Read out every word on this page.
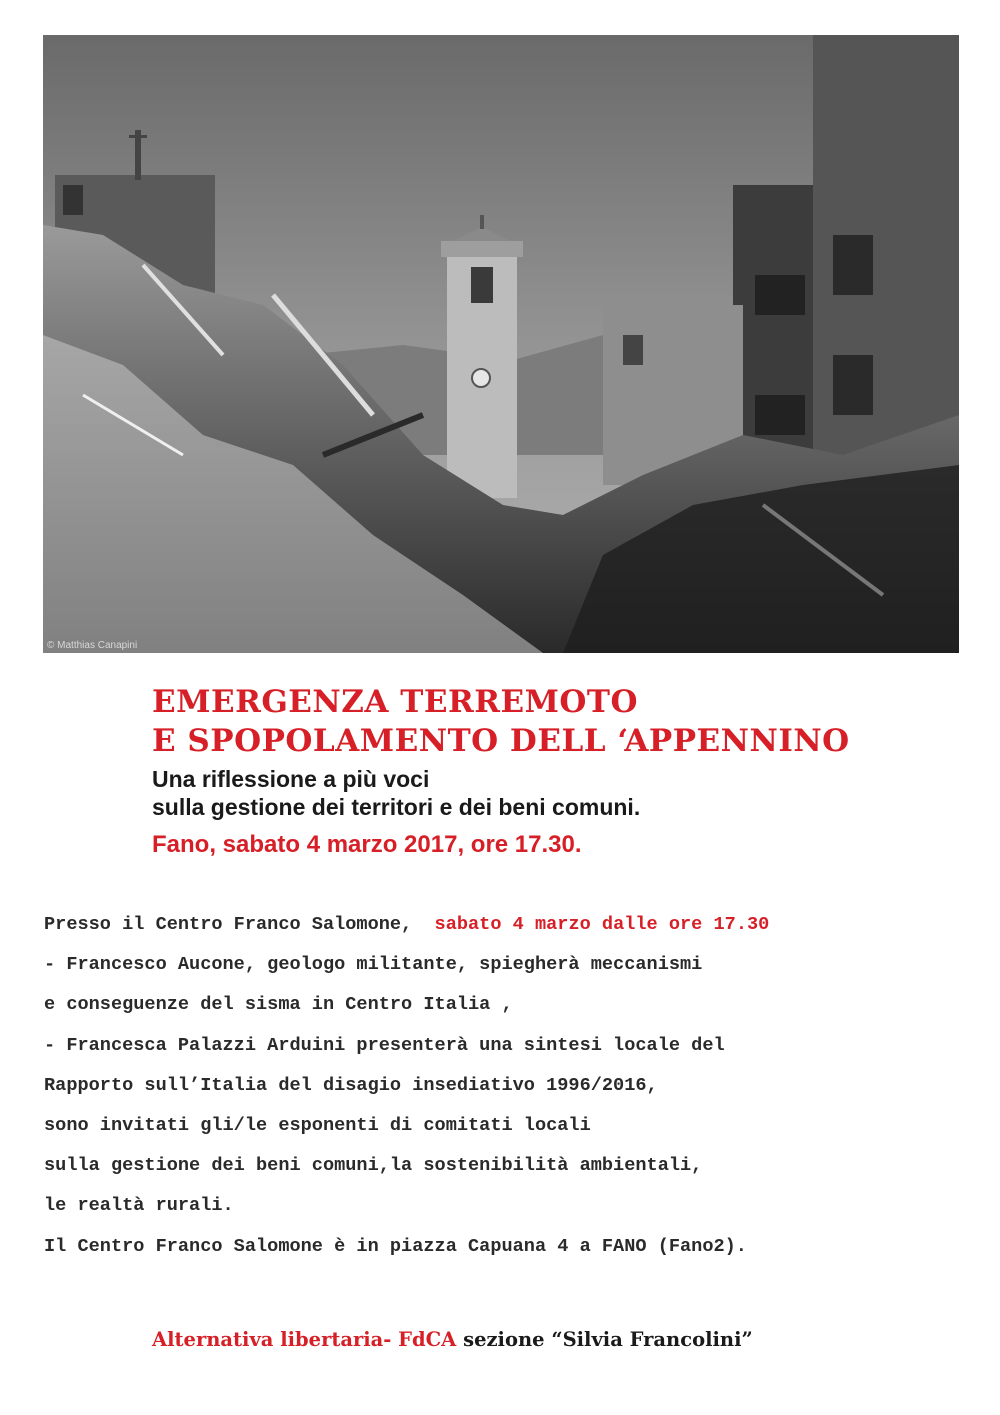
© Matthias Canapini
EMERGENZA TERREMOTO
E SPOPOLAMENTO DELL ‘APPENNINO
Una riflessione a più voci
sulla gestione dei territori e dei beni comuni.

Fano, sabato 4 marzo 2017, ore 17.30.

Presso il Centro Franco Salomone,  sabato 4 marzo dalle ore 17.30
- Francesco Aucone, geologo militante, spiegherà meccanismi
e conseguenze del sisma in Centro Italia ,
- Francesca Palazzi Arduini presenterà una sintesi locale del
Rapporto sull’Italia del disagio insediativo 1996/2016,
sono invitati gli/le esponenti di comitati locali
sulla gestione dei beni comuni,la sostenibilità ambientali,
le realtà rurali.
Il Centro Franco Salomone è in piazza Capuana 4 a FANO (Fano2).
Alternativa libertaria- FdCA sezione “Silvia Francolini”
